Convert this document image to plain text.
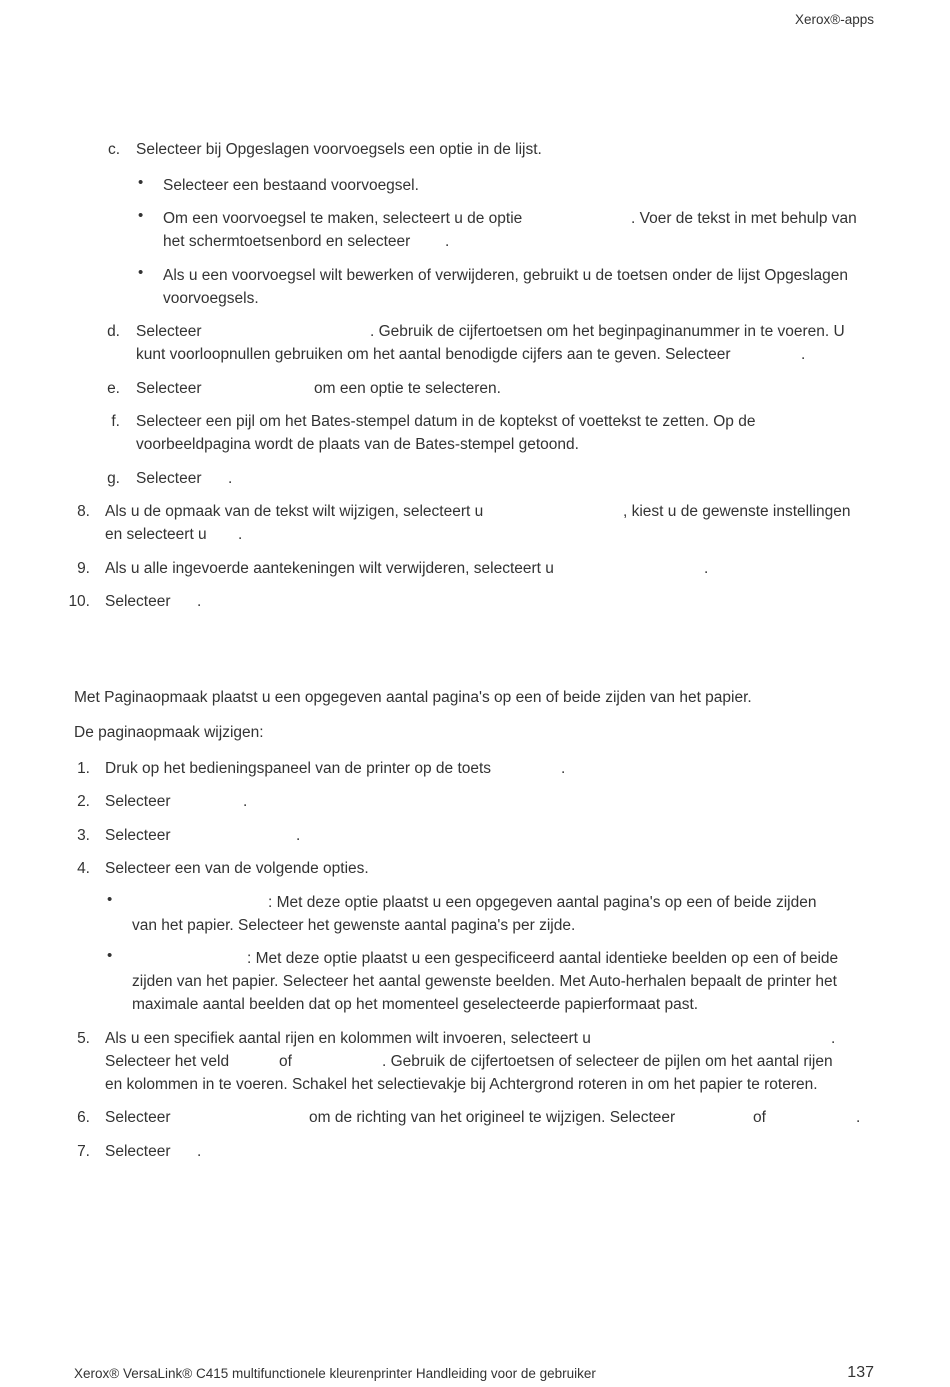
Xerox®-apps
c. Selecteer bij Opgeslagen voorvoegsels een optie in de lijst.
• Selecteer een bestaand voorvoegsel.
• Om een voorvoegsel te maken, selecteert u de optie	. Voer de tekst in met behulp van
het schermtoetsenbord en selecteer .
• Als u een voorvoegsel wilt bewerken of verwijderen, gebruikt u de toetsen onder de lijst Opgeslagen
voorvoegsels.
d. Selecteer	. Gebruik de cijfertoetsen om het beginpaginanummer in te voeren. U
kunt voorloopnullen gebruiken om het aantal benodigde cijfers aan te geven. Selecteer	.
e. Selecteer	om een optie te selecteren.
f. Selecteer een pijl om het Bates-stempel datum in de koptekst of voettekst te zetten. Op de
voorbeeldpagina wordt de plaats van de Bates-stempel getoond.
g. Selecteer .
8. Als u de opmaak van de tekst wilt wijzigen, selecteert u	, kiest u de gewenste instellingen
en selecteert u .
9. Als u alle ingevoerde aantekeningen wilt verwijderen, selecteert u	.
10. Selecteer .
Met Paginaopmaak plaatst u een opgegeven aantal pagina's op een of beide zijden van het papier.
De paginaopmaak wijzigen:
1. Druk op het bedieningspaneel van de printer op de toets	.
2. Selecteer	.
3. Selecteer	.
4. Selecteer een van de volgende opties.
•	: Met deze optie plaatst u een opgegeven aantal pagina's op een of beide zijden
van het papier. Selecteer het gewenste aantal pagina's per zijde.
•	: Met deze optie plaatst u een gespecificeerd aantal identieke beelden op een of beide
zijden van het papier. Selecteer het aantal gewenste beelden. Met Auto-herhalen bepaalt de printer het
maximale aantal beelden dat op het momenteel geselecteerde papierformaat past.
5. Als u een specifiek aantal rijen en kolommen wilt invoeren, selecteert u	.
Selecteer het veld	of	. Gebruik de cijfertoetsen of selecteer de pijlen om het aantal rijen
en kolommen in te voeren. Schakel het selectievakje bij Achtergrond roteren in om het papier te roteren.
6. Selecteer	om de richting van het origineel te wijzigen. Selecteer	of	.
7. Selecteer .
Xerox® VersaLink® C415 multifunctionele kleurenprinter Handleiding voor de gebruiker	137
